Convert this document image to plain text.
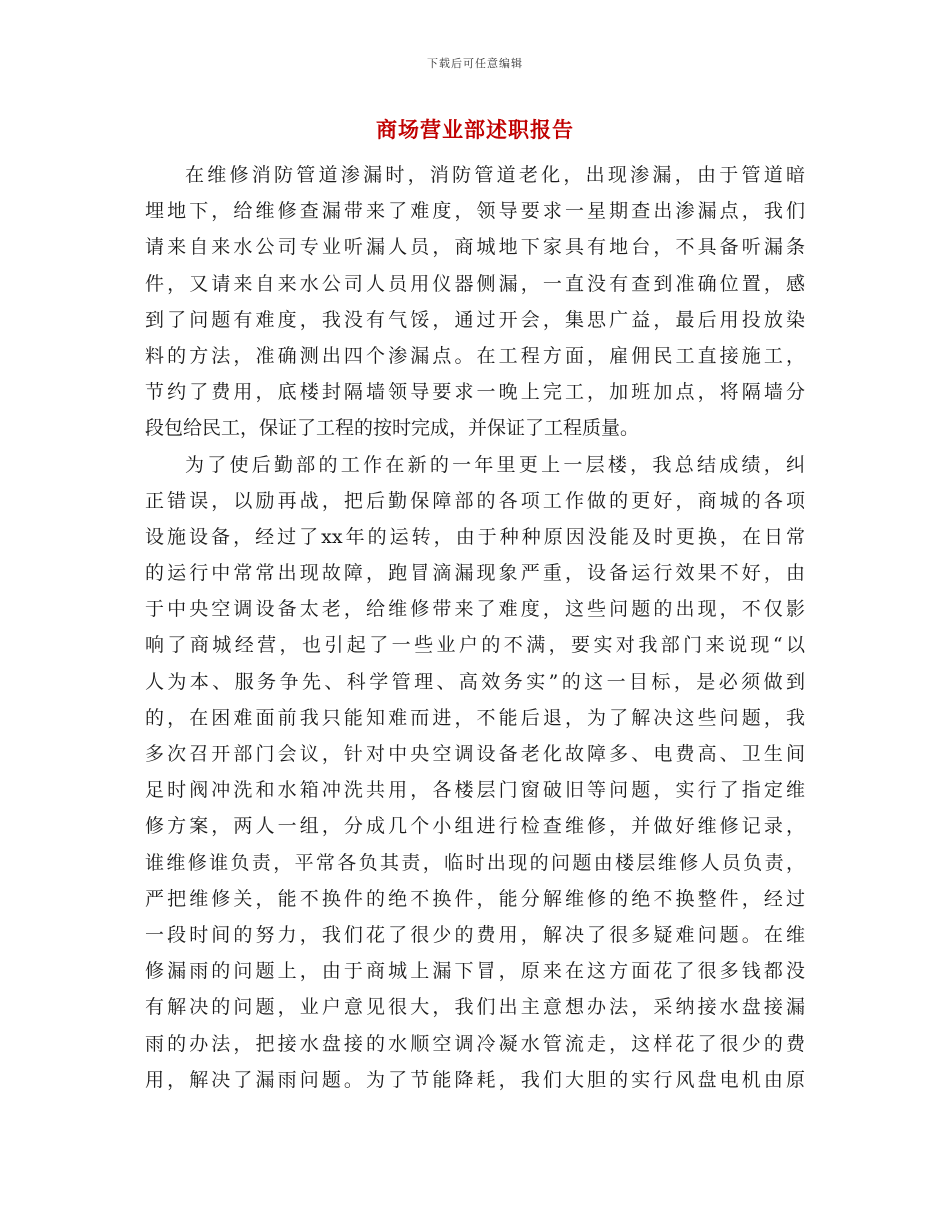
下载后可任意编辑
商场营业部述职报告
在维修消防管道渗漏时，消防管道老化，出现渗漏，由于管道暗
埋地下，给维修查漏带来了难度，领导要求一星期查出渗漏点，我们
请来自来水公司专业听漏人员，商城地下家具有地台，不具备听漏条
件，又请来自来水公司人员用仪器侧漏，一直没有查到准确位置，感
到了问题有难度，我没有气馁，通过开会，集思广益，最后用投放染
料的方法，准确测出四个渗漏点。在工程方面，雇佣民工直接施工，
节约了费用，底楼封隔墙领导要求一晚上完工，加班加点，将隔墙分
段包给民工，保证了工程的按时完成，并保证了工程质量。
为了使后勤部的工作在新的一年里更上一层楼，我总结成绩，纠
正错误，以励再战，把后勤保障部的各项工作做的更好，商城的各项
设施设备，经过了xx年的运转，由于种种原因没能及时更换，在日常
的运行中常常出现故障，跑冒滴漏现象严重，设备运行效果不好，由
于中央空调设备太老，给维修带来了难度，这些问题的出现，不仅影
响了商城经营，也引起了一些业户的不满，要实对我部门来说现“以
人为本、服务争先、科学管理、高效务实”的这一目标，是必须做到
的，在困难面前我只能知难而进，不能后退，为了解决这些问题，我
多次召开部门会议，针对中央空调设备老化故障多、电费高、卫生间
足时阀冲洗和水箱冲洗共用，各楼层门窗破旧等问题，实行了指定维
修方案，两人一组，分成几个小组进行检查维修，并做好维修记录，
谁维修谁负责，平常各负其责，临时出现的问题由楼层维修人员负责，
严把维修关，能不换件的绝不换件，能分解维修的绝不换整件，经过
一段时间的努力，我们花了很少的费用，解决了很多疑难问题。在维
修漏雨的问题上，由于商城上漏下冒，原来在这方面花了很多钱都没
有解决的问题，业户意见很大，我们出主意想办法，采纳接水盘接漏
雨的办法，把接水盘接的水顺空调冷凝水管流走，这样花了很少的费
用，解决了漏雨问题。为了节能降耗，我们大胆的实行风盘电机由原
